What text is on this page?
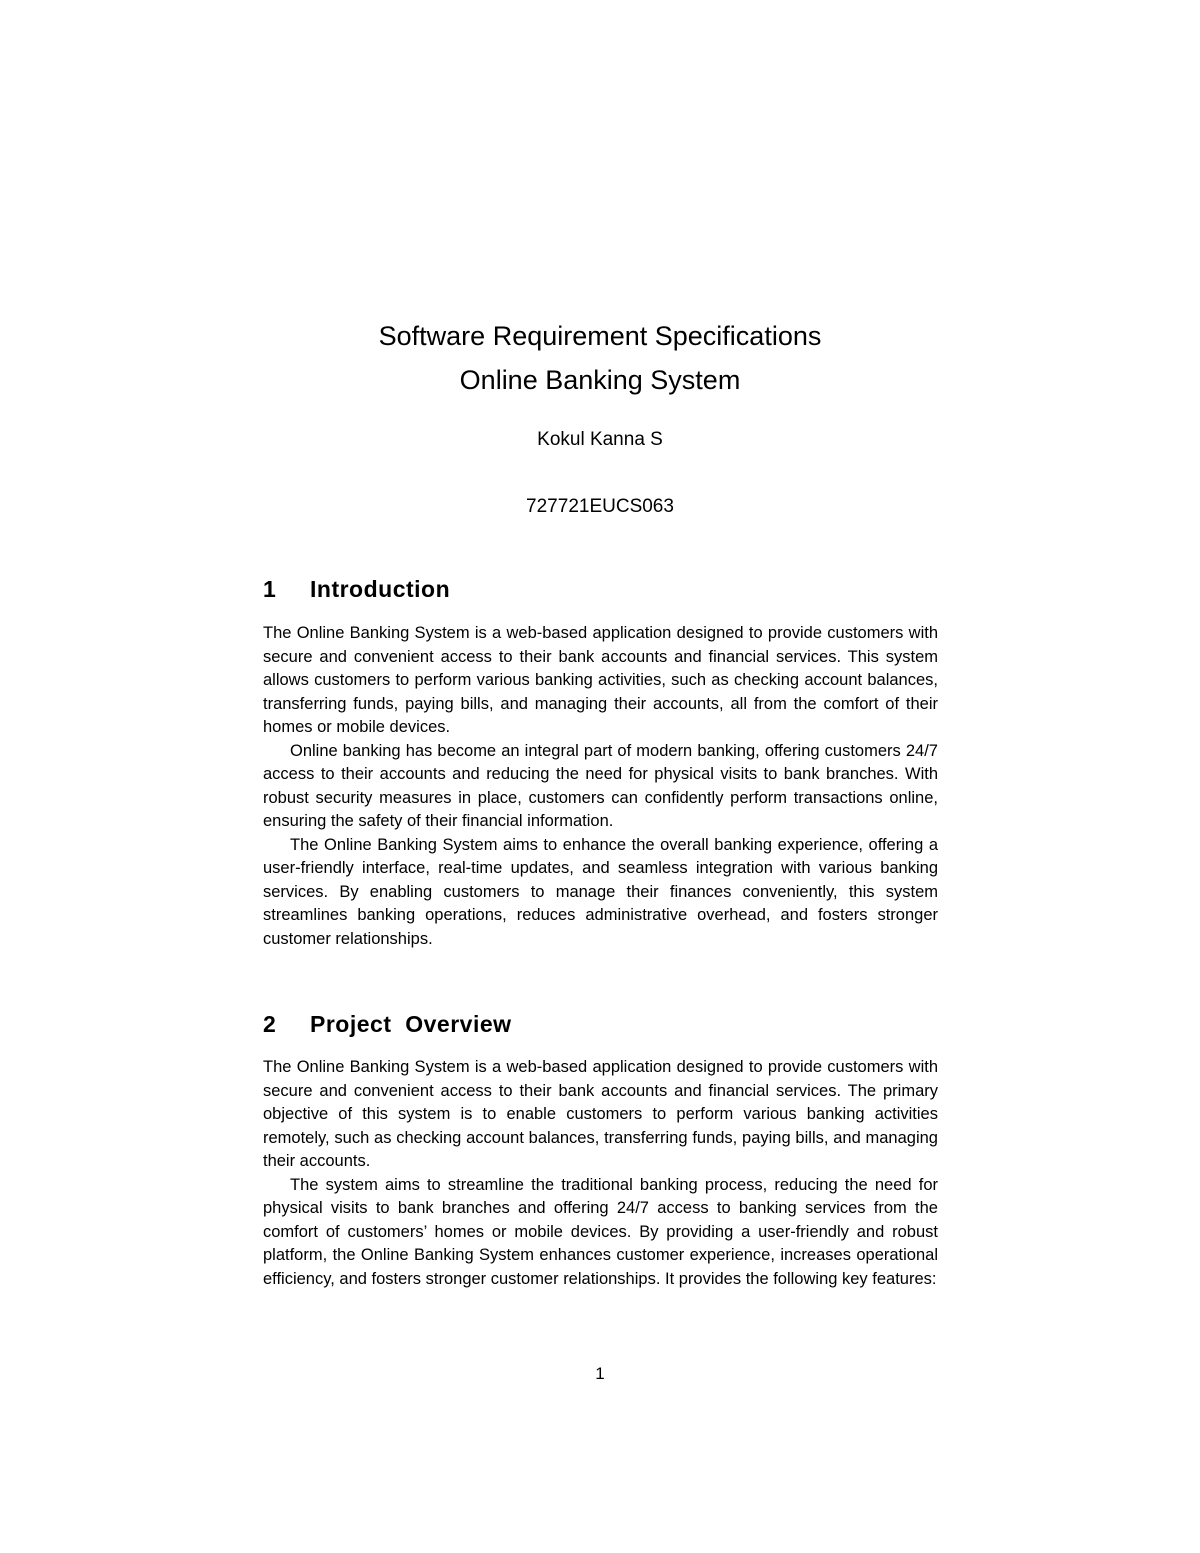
Software Requirement Specifications
Online Banking System
Kokul Kanna S
727721EUCS063
1 Introduction

The Online Banking System is a web-based application designed to provide customers with secure and convenient access to their bank accounts and financial services. This system allows customers to perform various banking activities, such as checking account balances, transferring funds, paying bills, and managing their accounts, all from the comfort of their homes or mobile devices.

Online banking has become an integral part of modern banking, offering customers 24/7 access to their accounts and reducing the need for physical visits to bank branches. With robust security measures in place, customers can confidently perform transactions online, ensuring the safety of their financial information.

The Online Banking System aims to enhance the overall banking experience, offering a user-friendly interface, real-time updates, and seamless integration with various banking services. By enabling customers to manage their finances conveniently, this system streamlines banking operations, reduces administrative overhead, and fosters stronger customer relationships.

2 Project  Overview

The Online Banking System is a web-based application designed to provide customers with secure and convenient access to their bank accounts and financial services. The primary objective of this system is to enable customers to perform various banking activities remotely, such as checking account balances, transferring funds, paying bills, and managing their accounts.

The system aims to streamline the traditional banking process, reducing the need for physical visits to bank branches and offering 24/7 access to banking services from the comfort of customers’ homes or mobile devices. By providing a user-friendly and robust platform, the Online Banking System enhances customer experience, increases operational efficiency, and fosters stronger customer relationships. It provides the following key features:

1
